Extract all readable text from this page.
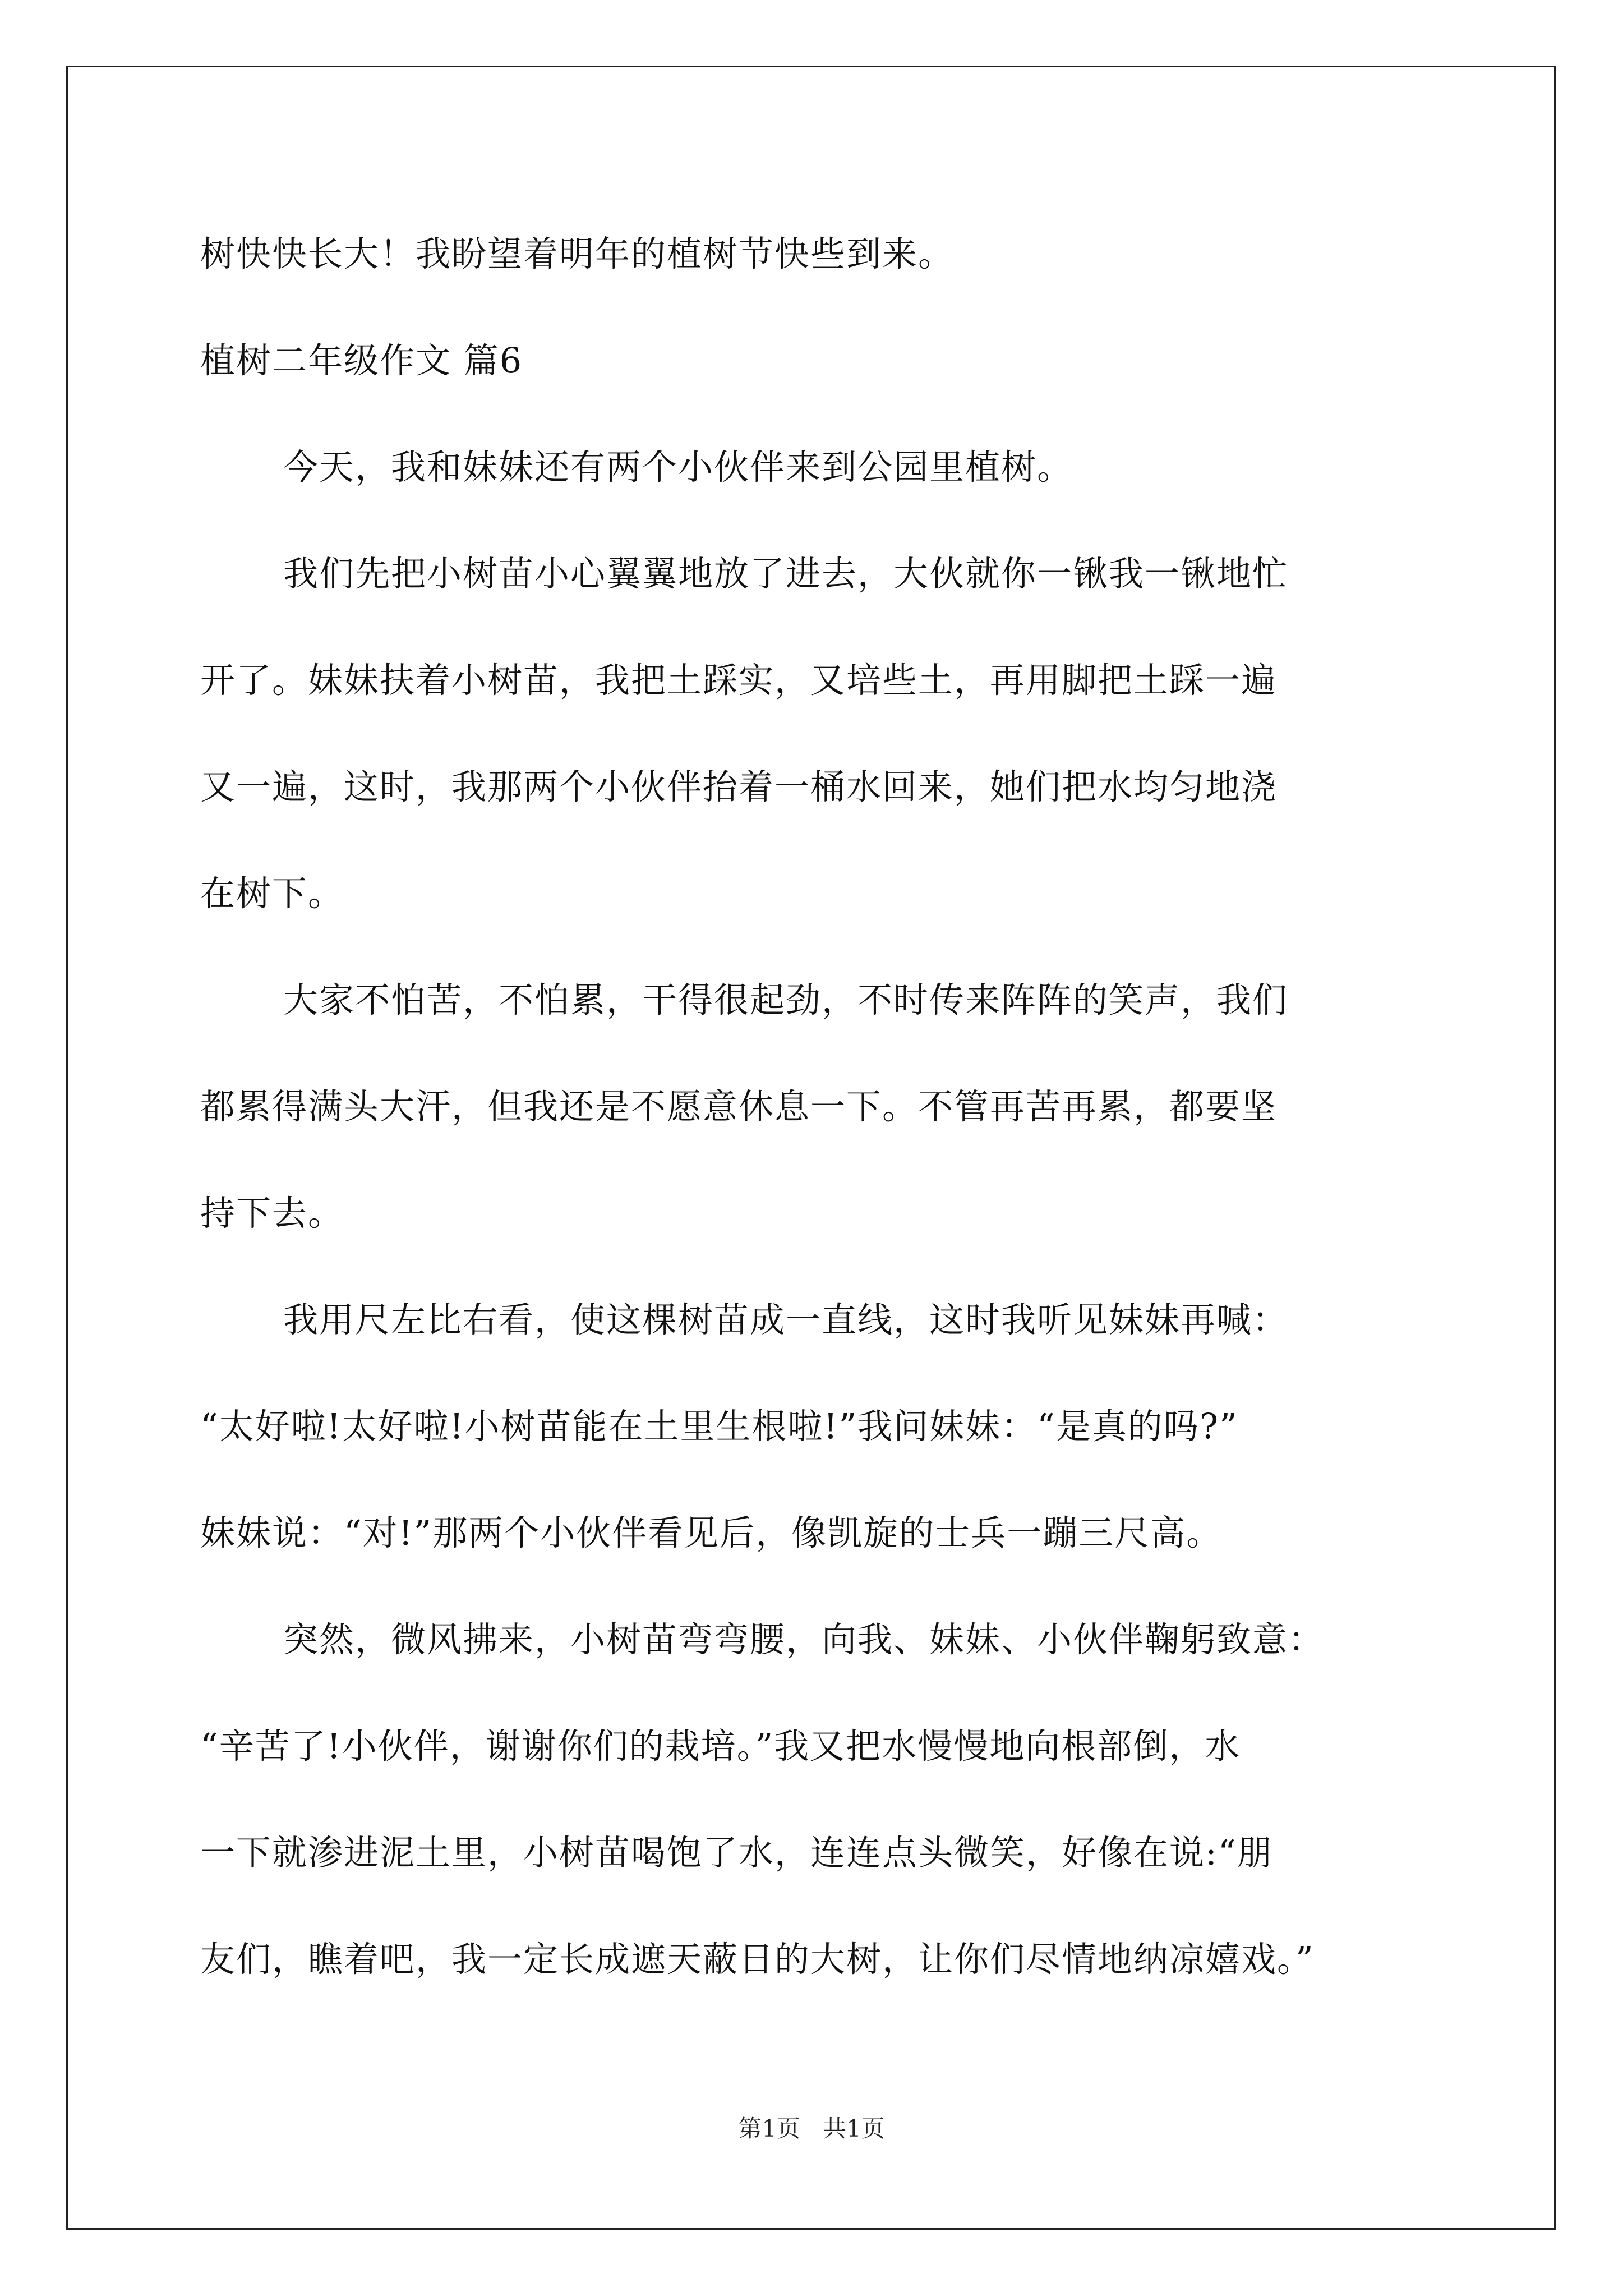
树快快长大！我盼望着明年的植树节快些到来。
植树二年级作文 篇6
今天，我和妹妹还有两个小伙伴来到公园里植树。
我们先把小树苗小心翼翼地放了进去，大伙就你一锹我一锹地忙
开了。妹妹扶着小树苗，我把土踩实，又培些土，再用脚把土踩一遍
又一遍，这时，我那两个小伙伴抬着一桶水回来，她们把水均匀地浇
在树下。
大家不怕苦，不怕累，干得很起劲，不时传来阵阵的笑声，我们
都累得满头大汗，但我还是不愿意休息一下。不管再苦再累，都要坚
持下去。
我用尺左比右看，使这棵树苗成一直线，这时我听见妹妹再喊：
“太好啦!太好啦!小树苗能在土里生根啦!”我问妹妹：“是真的吗?”
妹妹说：“对!”那两个小伙伴看见后，像凯旋的士兵一蹦三尺高。
突然，微风拂来，小树苗弯弯腰，向我、妹妹、小伙伴鞠躬致意：
“辛苦了!小伙伴，谢谢你们的栽培。”我又把水慢慢地向根部倒，水
一下就渗进泥土里，小树苗喝饱了水，连连点头微笑，好像在说:“朋
友们，瞧着吧，我一定长成遮天蔽日的大树，让你们尽情地纳凉嬉戏。”
第1页   共1页
